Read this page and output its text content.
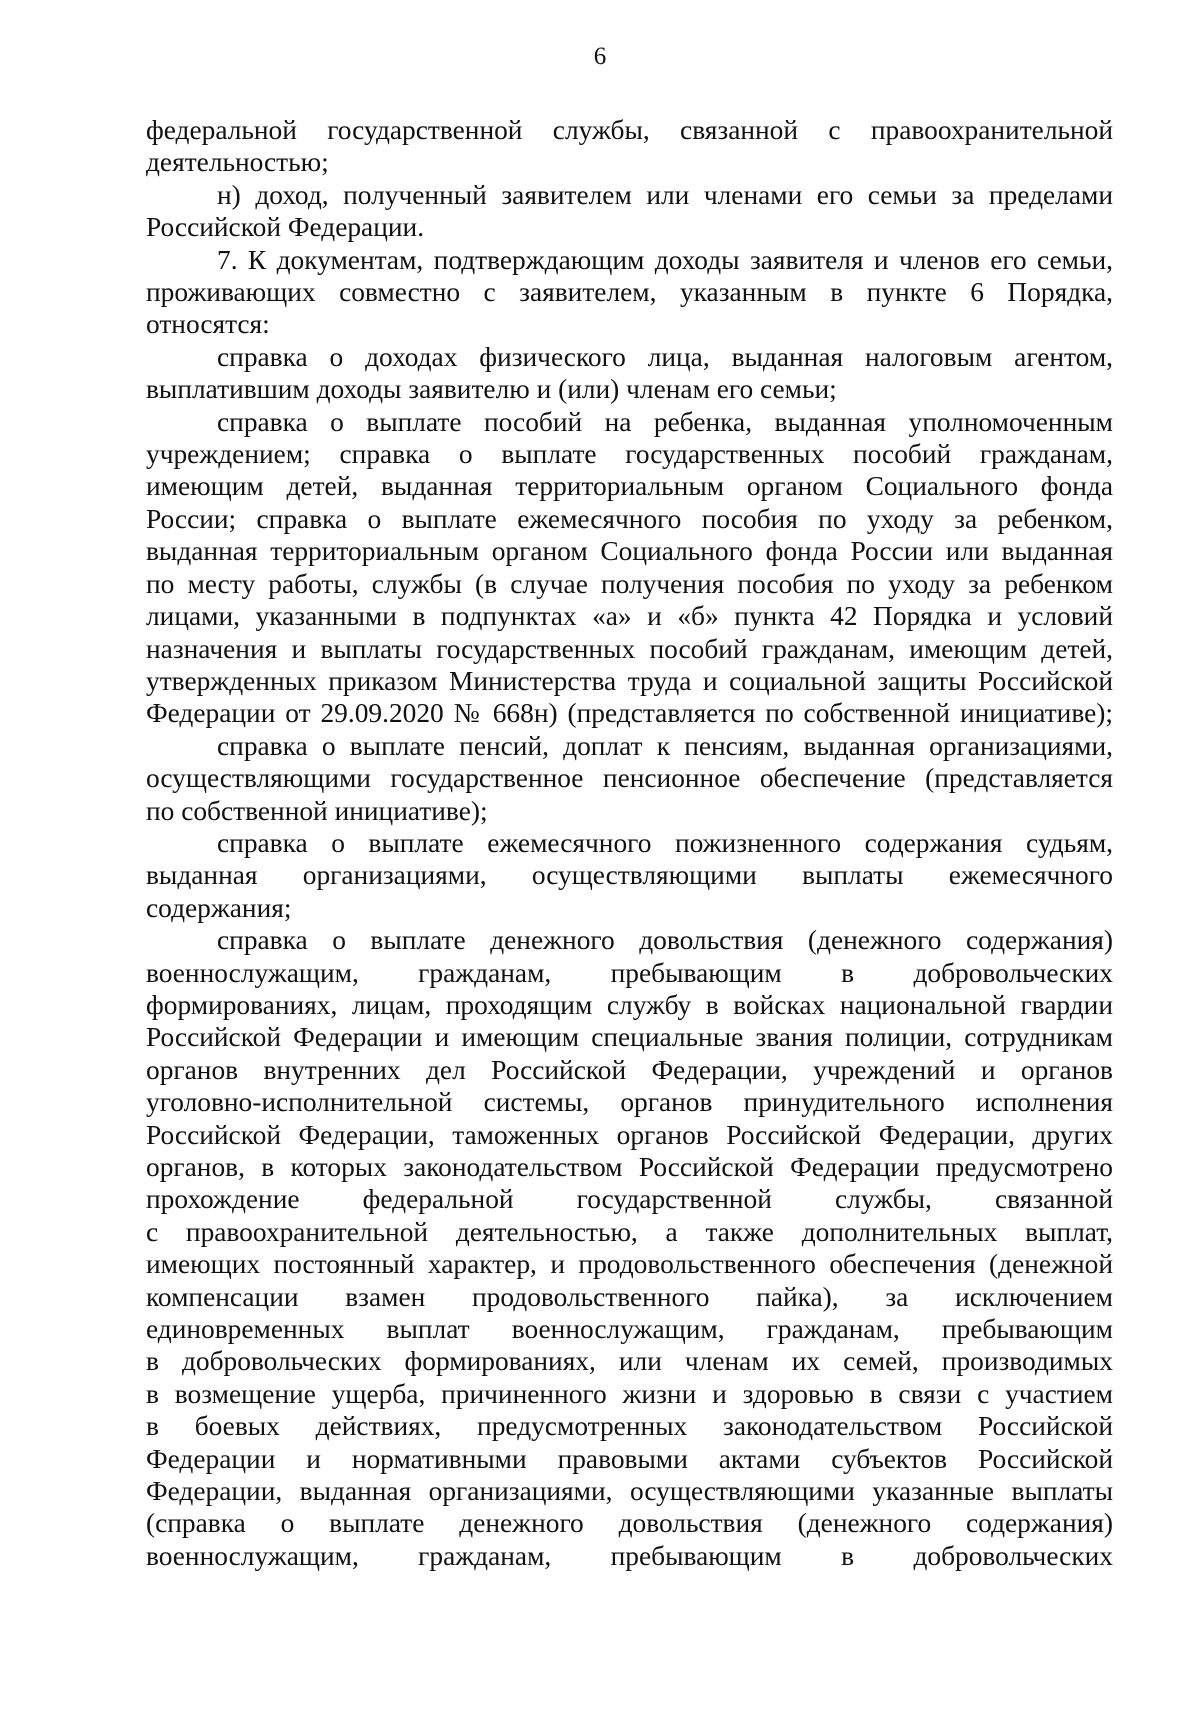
6

федеральной государственной службы, связанной с правоохранительной

деятельностью;

н) доход, полученный заявителем или членами его семьи за пределами

Российской Федерации.

7. К документам, подтверждающим доходы заявителя и членов его семьи,

проживающих совместно с заявителем, указанным в пункте 6 Порядка,

относятся:

справка о доходах физического лица, выданная налоговым агентом,

выплатившим доходы заявителю и (или) членам его семьи;

справка о выплате пособий на ребенка, выданная уполномоченным

учреждением; справка о выплате государственных пособий гражданам,

имеющим детей, выданная территориальным органом Социального фонда

России; справка о выплате ежемесячного пособия по уходу за ребенком,

выданная территориальным органом Социального фонда России или выданная

по месту работы, службы (в случае получения пособия по уходу за ребенком

лицами, указанными в подпунктах «а» и «б» пункта 42 Порядка и условий

назначения и выплаты государственных пособий гражданам, имеющим детей,

утвержденных приказом Министерства труда и социальной защиты Российской

Федерации от 29.09.2020 № 668н) (представляется по собственной инициативе);

справка о выплате пенсий, доплат к пенсиям, выданная организациями,

осуществляющими государственное пенсионное обеспечение (представляется

по собственной инициативе);

справка о выплате ежемесячного пожизненного содержания судьям,

выданная организациями, осуществляющими выплаты ежемесячного

содержания;

справка о выплате денежного довольствия (денежного содержания)

военнослужащим, гражданам, пребывающим в добровольческих

формированиях, лицам, проходящим службу в войсках национальной гвардии

Российской Федерации и имеющим специальные звания полиции, сотрудникам

органов внутренних дел Российской Федерации, учреждений и органов

уголовно-исполнительной системы, органов принудительного исполнения

Российской Федерации, таможенных органов Российской Федерации, других

органов, в которых законодательством Российской Федерации предусмотрено

прохождение федеральной государственной службы, связанной

с правоохранительной деятельностью, а также дополнительных выплат,

имеющих постоянный характер, и продовольственного обеспечения (денежной

компенсации взамен продовольственного пайка), за исключением

единовременных выплат военнослужащим, гражданам, пребывающим

в добровольческих формированиях, или членам их семей, производимых

в возмещение ущерба, причиненного жизни и здоровью в связи с участием

в боевых действиях, предусмотренных законодательством Российской

Федерации и нормативными правовыми актами субъектов Российской

Федерации, выданная организациями, осуществляющими указанные выплаты

(справка о выплате денежного довольствия (денежного содержания)

военнослужащим, гражданам, пребывающим в добровольческих
